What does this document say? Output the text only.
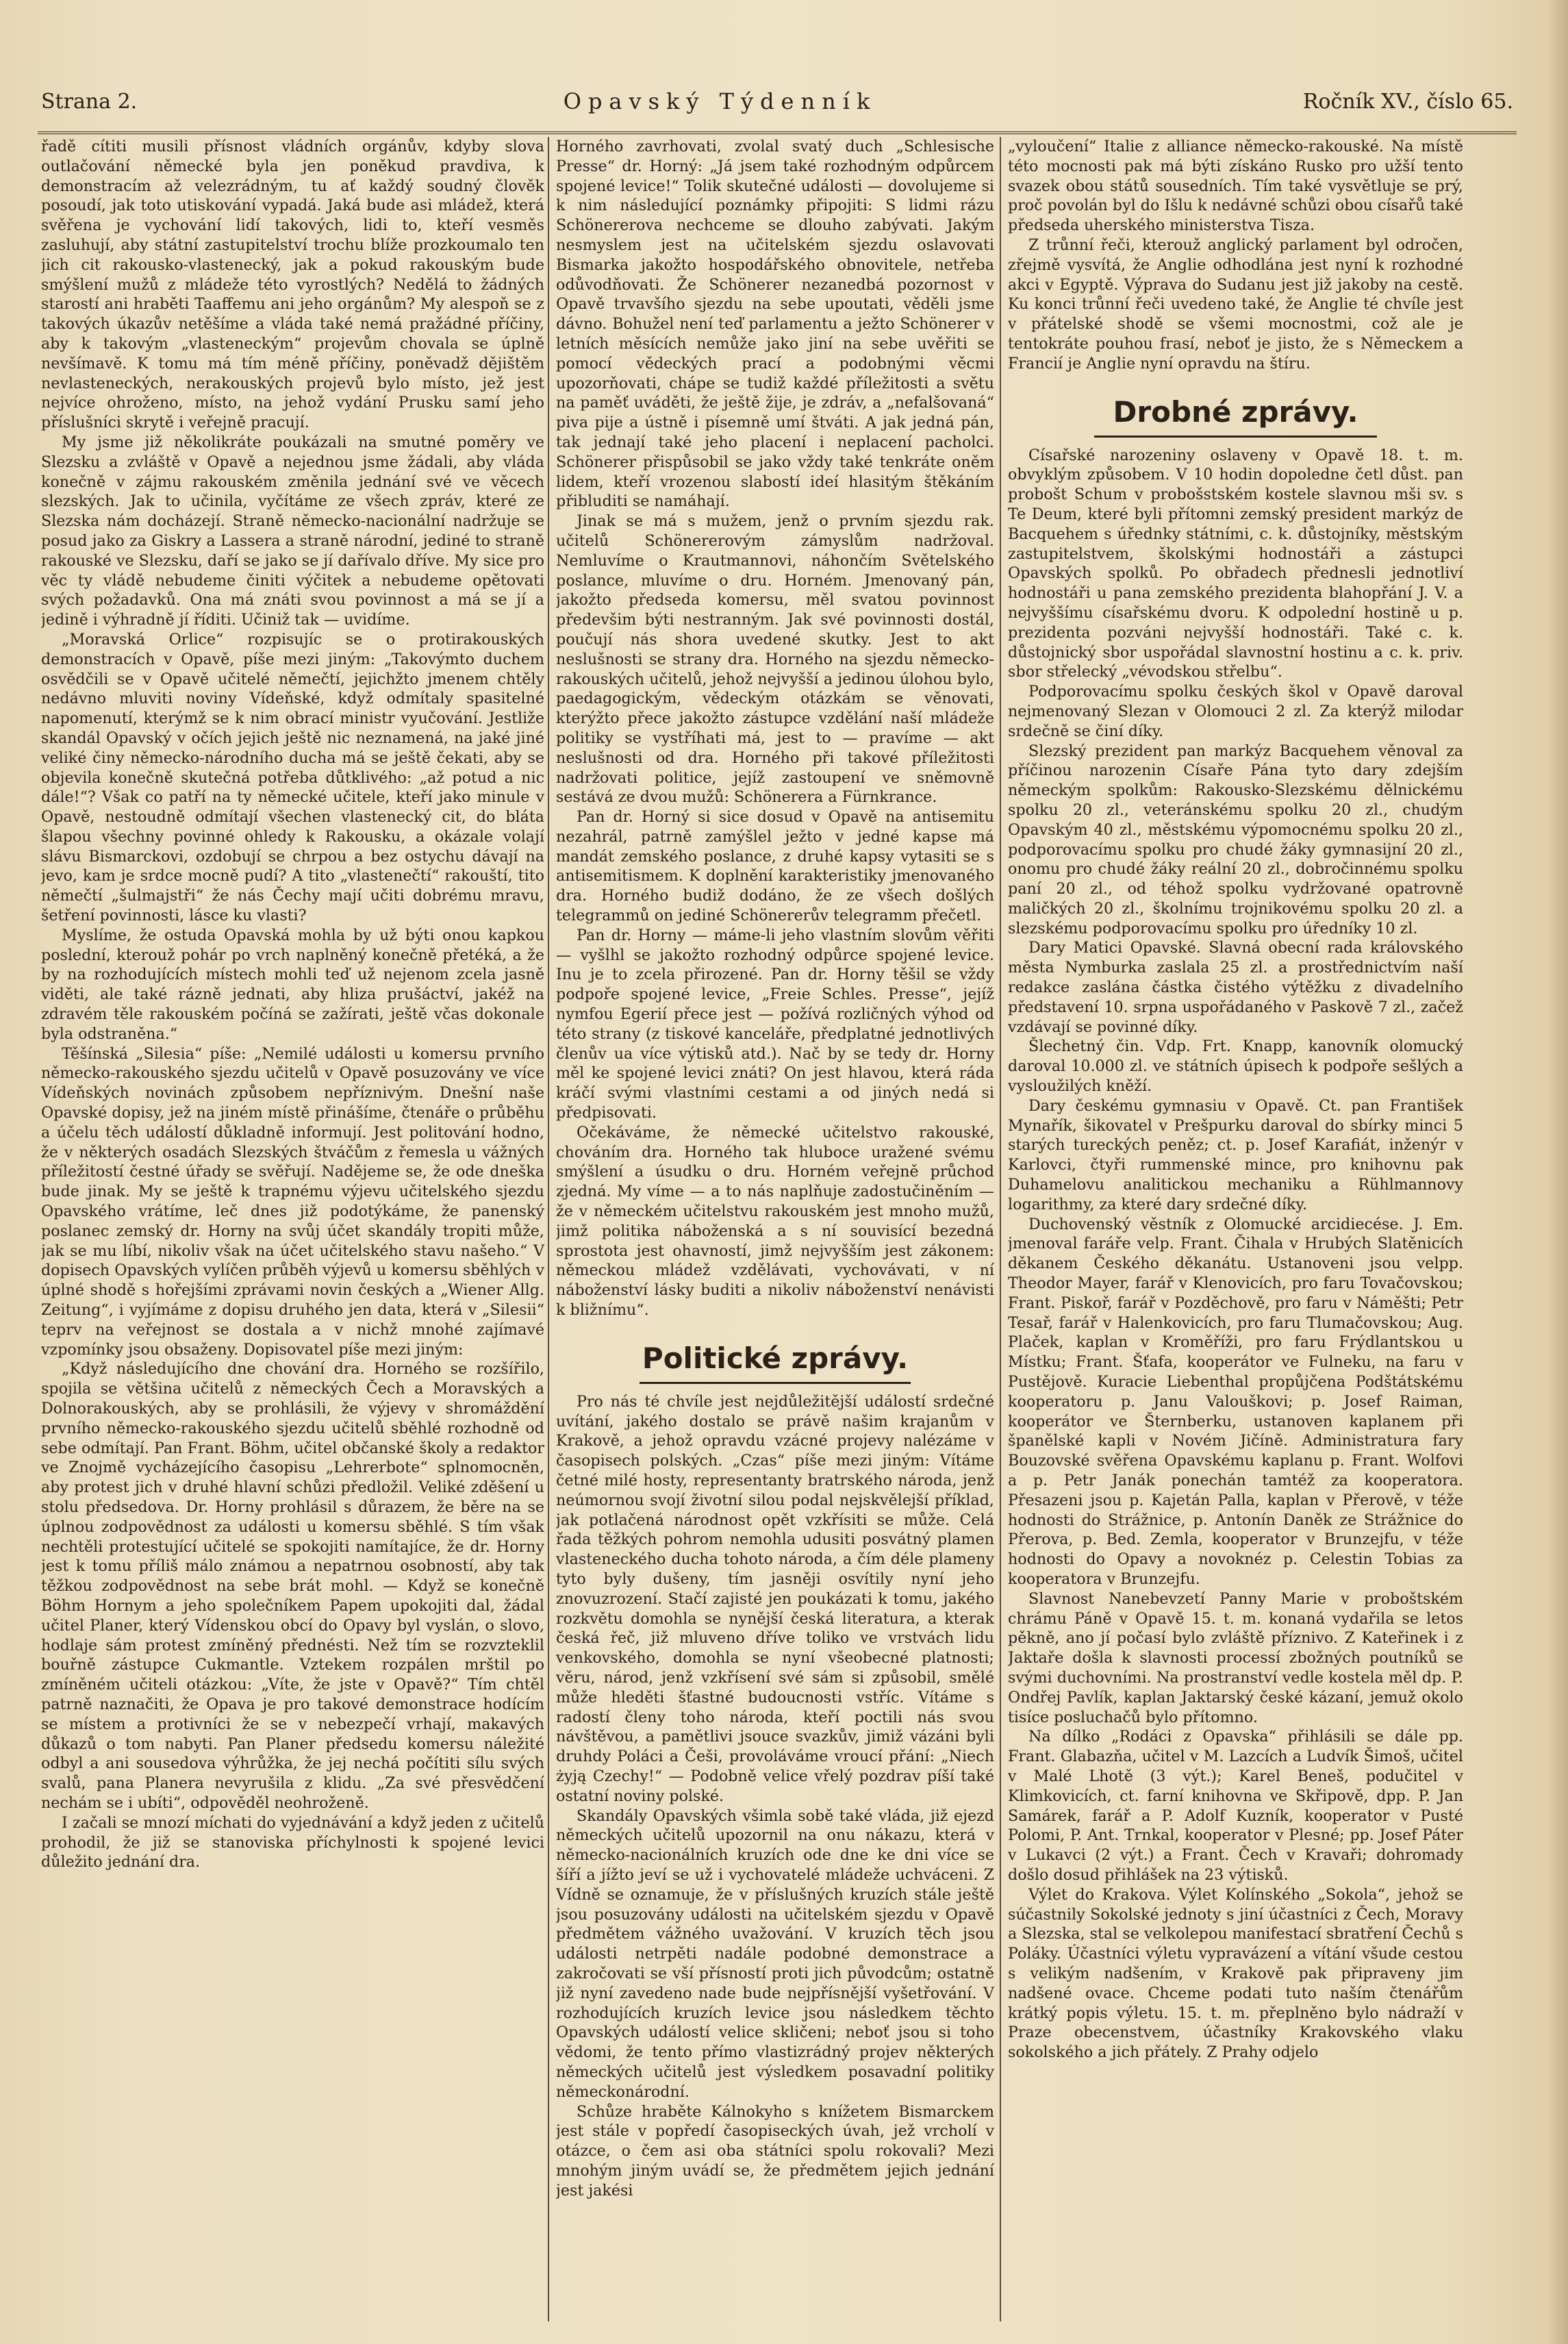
Strana 2.	Opavský Týdenník	Ročník XV., číslo 65.

řadě cítiti musili přísnost vládních orgánův, kdyby slova outlačování německé byla jen poněkud pravdiva, k demonstracím až velezrádným, tu ať každý soudný člověk posoudí, jak toto utiskování vypadá. Jaká bude asi mládež, která svěřena je vychování lidí takových, lidi to, kteří vesměs zasluhují, aby státní zastupitelství trochu blíže prozkoumalo ten jich cit rakousko-vlastenecký, jak a pokud rakouským bude smýšlení mužů z mládeže této vyrostlých? Nedělá to žádných starostí ani hraběti Taaffemu ani jeho orgánům? My alespoň se z takových úkazův netěšíme a vláda také nemá pražádné příčiny, aby k takovým „vlasteneckým“ projevům chovala se úplně nevšímavě. K tomu má tím méně příčiny, poněvadž dějištěm nevlasteneckých, nerakouských projevů bylo místo, jež jest nejvíce ohroženo, místo, na jehož vydání Prusku samí jeho příslušníci skrytě i veřejně pracují.

My jsme již několikráte poukázali na smutné poměry ve Slezsku a zvláště v Opavě a nejednou jsme žádali, aby vláda konečně v zájmu rakouském změnila jednání své ve věcech slezských. Jak to učinila, vyčítáme ze všech zpráv, které ze Slezska nám docházejí. Straně německo-nacionální nadržuje se posud jako za Giskry a Lassera a straně národní, jediné to straně rakouské ve Slezsku, daří se jako se jí dařívalo dříve. My sice pro věc ty vládě nebudeme činiti výčitek a nebudeme opětovati svých požadavků. Ona má znáti svou povinnost a má se jí a jedině i výhradně jí říditi. Učiniž tak — uvidíme.

„Moravská Orlice“ rozpisujíc se o protirakouských demonstracích v Opavě, píše mezi jiným: „Takovýmto duchem osvědčili se v Opavě učitelé němečtí, jejichžto jmenem chtěly nedávno mluviti noviny Vídeňské, když odmítaly spasitelné napomenutí, kterýmž se k nim obrací ministr vyučování. Jestliže skandál Opavský v očích jejich ještě nic neznamená, na jaké jiné veliké činy německo-národního ducha má se ještě čekati, aby se objevila konečně skutečná potřeba důtklivého: „až potud a nic dále!“? Však co patří na ty německé učitele, kteří jako minule v Opavě, nestoudně odmítají všechen vlastenecký cit, do bláta šlapou všechny povinné ohledy k Rakousku, a okázale volají slávu Bismarckovi, ozdobují se chrpou a bez ostychu dávají na jevo, kam je srdce mocně pudí? A tito „vlastenečtí“ rakouští, tito němečtí „šulmajstři“ že nás Čechy mají učiti dobrému mravu, šetření povinnosti, lásce ku vlasti?

Myslíme, že ostuda Opavská mohla by už býti onou kapkou poslední, kterouž pohár po vrch naplněný konečně přetéká, a že by na rozhodujících místech mohli teď už nejenom zcela jasně viděti, ale také rázně jednati, aby hliza prušáctví, jakéž na zdravém těle rakouském počíná se zažírati, ještě včas dokonale byla odstraněna.“

Těšínská „Silesia“ píše: „Nemilé události u komersu prvního německo-rakouského sjezdu učitelů v Opavě posuzovány ve více Vídeňských novinách způsobem nepříznivým. Dnešní naše Opavské dopisy, jež na jiném místě přinášíme, čtenáře o průběhu a účelu těch událostí důkladně informují. Jest politování hodno, že v některých osadách Slezských štváčům z řemesla u vážných příležitostí čestné úřady se svěřují. Nadějeme se, že ode dneška bude jinak. My se ještě k trapnému výjevu učitelského sjezdu Opavského vrátíme, leč dnes již podotýkáme, že panenský poslanec zemský dr. Horny na svůj účet skandály tropiti může, jak se mu líbí, nikoliv však na účet učitelského stavu našeho.“ V dopisech Opavských vylíčen průběh výjevů u komersu sběhlých v úplné shodě s hořejšími zprávami novin českých a „Wiener Allg. Zeitung“, i vyjímáme z dopisu druhého jen data, která v „Silesii“ teprv na veřejnost se dostala a v nichž mnohé zajímavé vzpomínky jsou obsaženy. Dopisovatel píše mezi jiným:

„Když následujícího dne chování dra. Horného se rozšířilo, spojila se většina učitelů z německých Čech a Moravských a Dolnorakouských, aby se prohlásili, že výjevy v shromáždění prvního německo-rakouského sjezdu učitelů sběhlé rozhodně od sebe odmítají. Pan Frant. Böhm, učitel občanské školy a redaktor ve Znojmě vycházejícího časopisu „Lehrerbote“ splnomocněn, aby protest jich v druhé hlavní schůzi předložil. Veliké zděšení u stolu předsedova. Dr. Horny prohlásil s důrazem, že běre na se úplnou zodpovědnost za události u komersu sběhlé. S tím však nechtěli protestující učitelé se spokojiti namítajíce, že dr. Horny jest k tomu příliš málo známou a nepatrnou osobností, aby tak těžkou zodpovědnost na sebe brát mohl. — Když se konečně Böhm Hornym a jeho společníkem Papem upokojiti dal, žádal učitel Planer, který Vídenskou obcí do Opavy byl vyslán, o slovo, hodlaje sám protest zmíněný přednésti. Než tím se rozvzteklil bouřně zástupce Cukmantle. Vztekem rozpálen mrštil po zmíněném učiteli otázkou: „Víte, že jste v Opavě?“ Tím chtěl patrně naznačiti, že Opava je pro takové demonstrace hodícím se místem a protivníci že se v nebezpečí vrhají, makavých důkazů o tom nabyti. Pan Planer předsedu komersu náležité odbyl a ani sousedova výhrůžka, že jej nechá počítiti sílu svých svalů, pana Planera nevyrušila z klidu. „Za své přesvědčení nechám se i ubíti“, odpověděl neohroženě.

I začali se mnozí míchati do vyjednávání a když jeden z učitelů prohodil, že již se stanoviska příchylnosti k spojené levici důležito jednání dra.

Horného zavrhovati, zvolal svatý duch „Schlesische Presse“ dr. Horný: „Já jsem také rozhodným odpůrcem spojené levice!“ Tolik skutečné události — dovolujeme si k nim následující poznámky připojiti: S lidmi rázu Schönererova nechceme se dlouho zabývati. Jakým nesmyslem jest na učitelském sjezdu oslavovati Bismarka jakožto hospodářského obnovitele, netřeba odůvodňovati. Že Schönerer nezanedbá pozornost v Opavě trvavšího sjezdu na sebe upoutati, věděli jsme dávno. Bohužel není teď parlamentu a ježto Schönerer v letních měsících nemůže jako jiní na sebe uvěřiti se pomocí vědeckých prací a podobnými věcmi upozorňovati, chápe se tudiž každé příležitosti a světu na paměť uváděti, že ještě žije, je zdráv, a „nefalšovaná“ piva pije a ústně i písemně umí štváti. A jak jedná pán, tak jednají také jeho placení i neplacení pacholci. Schönerer přispůsobil se jako vždy také tenkráte oněm lidem, kteří vrozenou slabostí ideí hlasitým štěkáním přibluditi se namáhají.

Jinak se má s mužem, jenž o prvním sjezdu rak. učitelů Schönererovým zámyslům nadržoval. Nemluvíme o Krautmannovi, náhončím Světelského poslance, mluvíme o dru. Horném. Jmenovaný pán, jakožto předseda komersu, měl svatou povinnost předevšim býti nestranným. Jak své povinnosti dostál, poučují nás shora uvedené skutky. Jest to akt neslušnosti se strany dra. Horného na sjezdu německo-rakouských učitelů, jehož nejvyšší a jedinou úlohou bylo, paedagogickým, vědeckým otázkám se věnovati, kterýžto přece jakožto zástupce vzdělání naší mládeže politiky se vystříhati má, jest to — pravíme — akt neslušnosti od dra. Horného při takové příležitosti nadržovati politice, jejíž zastoupení ve sněmovně sestává ze dvou mužů: Schönerera a Fürnkrance.

Pan dr. Horný si sice dosud v Opavě na antisemitu nezahrál, patrně zamýšlel ježto v jedné kapse má mandát zemského poslance, z druhé kapsy vytasiti se s antisemitismem. K doplnění karakteristiky jmenovaného dra. Horného budiž dodáno, že ze všech došlých telegrammů on jediné Schönererův telegramm přečetl.

Pan dr. Horny — máme-li jeho vlastním slovům věřiti — vyšlhl se jakožto rozhodný odpůrce spojené levice. Inu je to zcela přirozené. Pan dr. Horny těšil se vždy podpoře spojené levice, „Freie Schles. Presse“, jejíž nymfou Egerií přece jest — požívá rozličných výhod od této strany (z tiskové kanceláře, předplatné jednotlivých členův ua více výtisků atd.). Nač by se tedy dr. Horny měl ke spojené levici znáti? On jest hlavou, která ráda kráčí svými vlastními cestami a od jiných nedá si předpisovati.

Očekáváme, že německé učitelstvo rakouské, chováním dra. Horného tak hluboce uražené svému smýšlení a úsudku o dru. Horném veřejně průchod zjedná. My víme — a to nás naplňuje zadostučiněním — že v německém učitelstvu rakouském jest mnoho mužů, jimž politika náboženská a s ní souvisící bezedná sprostota jest ohavností, jimž nejvyšším jest zákonem: německou mládež vzdělávati, vychovávati, v ní náboženství lásky buditi a nikoliv náboženství nenávisti k bližnímu“.

Politické zprávy.

Pro nás té chvíle jest nejdůležitější událostí srdečné uvítání, jakého dostalo se právě našim krajanům v Krakově, a jehož opravdu vzácné projevy nalézáme v časopisech polských. „Czas“ píše mezi jiným: Vítáme četné milé hosty, representanty bratrského národa, jenž neúmornou svojí životní silou podal nejskvělejší příklad, jak potlačená národnost opět vzkřísiti se může. Celá řada těžkých pohrom nemohla udusiti posvátný plamen vlasteneckého ducha tohoto národa, a čím déle plameny tyto byly dušeny, tím jasněji osvítily nyní jeho znovuzrození. Stačí zajisté jen poukázati k tomu, jakého rozkvětu domohla se nynější česká literatura, a kterak česká řeč, již mluveno dříve toliko ve vrstvách lidu venkovského, domohla se nyní všeobecné platnosti; věru, národ, jenž vzkřísení své sám si způsobil, smělé může hleděti šťastné budoucnosti vstříc. Vítáme s radostí členy toho národa, kteří poctili nás svou návštěvou, a pamětlivi jsouce svazkův, jimiž vázáni byli druhdy Poláci a Češi, provoláváme vroucí přání: „Niech żyją Czechy!“ — Podobně velice vřelý pozdrav píší také ostatní noviny polské.

Skandály Opavských všimla sobě také vláda, již ejezd německých učitelů upozornil na onu nákazu, která v německo-nacionálních kruzích ode dne ke dni více se šíří a jížto jeví se už i vychovatelé mládeže uchváceni. Z Vídně se oznamuje, že v příslušných kruzích stále ještě jsou posuzovány události na učitelském sjezdu v Opavě předmětem vážného uvažování. V kruzích těch jsou události netrpěti nadále podobné demonstrace a zakročovati se vší přísností proti jich původcům; ostatně již nyní zavedeno nade bude nejpřísnější vyšetřování. V rozhodujících kruzích levice jsou následkem těchto Opavských událostí velice skličeni; neboť jsou si toho vědomi, že tento přímo vlastizrádný projev některých německých učitelů jest výsledkem posavadní politiky německonárodní.

Schůze hraběte Kálnokyho s knížetem Bismarckem jest stále v popředí časopiseckých úvah, jež vrcholí v otázce, o čem asi oba státníci spolu rokovali? Mezi mnohým jiným uvádí se, že předmětem jejich jednání jest jakési

„vyloučení“ Italie z alliance německo-rakouské. Na místě této mocnosti pak má býti získáno Rusko pro užší tento svazek obou států sousedních. Tím také vysvětluje se prý, proč povolán byl do Išlu k nedávné schůzi obou císařů také předseda uherského ministerstva Tisza.

Z trůnní řeči, kterouž anglický parlament byl odročen, zřejmě vysvítá, že Anglie odhodlána jest nyní k rozhodné akci v Egyptě. Výprava do Sudanu jest již jakoby na cestě. Ku konci trůnní řeči uvedeno také, že Anglie té chvíle jest v přátelské shodě se všemi mocnostmi, což ale je tentokráte pouhou frasí, neboť je jisto, že s Německem a Francií je Anglie nyní opravdu na štíru.

Drobné zprávy.

Císařské narozeniny oslaveny v Opavě 18. t. m. obvyklým způsobem. V 10 hodin dopoledne četl důst. pan probošt Schum v probošstském kostele slavnou mši sv. s Te Deum, které byli přítomni zemský president markýz de Bacquehem s úřednky státními, c. k. důstojníky, městským zastupitelstvem, školskými hodnostáři a zástupci Opavských spolků. Po obřadech přednesli jednotliví hodnostáři u pana zemského prezidenta blahopřání J. V. a nejvyššímu císařskému dvoru. K odpolední hostině u p. prezidenta pozváni nejvyšší hodnostáři. Také c. k. důstojnický sbor uspořádal slavnostní hostinu a c. k. priv. sbor střelecký „vévodskou střelbu“.

Podporovacímu spolku českých škol v Opavě daroval nejmenovaný Slezan v Olomouci 2 zl. Za kterýž milodar srdečně se činí díky.

Slezský prezident pan markýz Bacquehem věnoval za příčinou narozenin Císaře Pána tyto dary zdejším německým spolkům: Rakousko-Slezskému dělnickému spolku 20 zl., veteránskému spolku 20 zl., chudým Opavským 40 zl., městskému výpomocnému spolku 20 zl., podporovacímu spolku pro chudé žáky gymnasijní 20 zl., onomu pro chudé žáky reální 20 zl., dobročinnému spolku paní 20 zl., od téhož spolku vydržované opatrovně maličkých 20 zl., školnímu trojnikovému spolku 20 zl. a slezskému podporovacímu spolku pro úředníky 10 zl.

Dary Matici Opavské. Slavná obecní rada královského města Nymburka zaslala 25 zl. a prostřednictvím naší redakce zaslána částka čistého výtěžku z divadelního představení 10. srpna uspořádaného v Paskově 7 zl., začež vzdávají se povinné díky.

Šlechetný čin. Vdp. Frt. Knapp, kanovník olomucký daroval 10.000 zl. ve státních úpisech k podpoře sešlých a vysloužilých kněží.

Dary českému gymnasiu v Opavě. Ct. pan František Mynařík, šikovatel v Prešpurku daroval do sbírky minci 5 starých tureckých peněz; ct. p. Josef Karafiát, inženýr v Karlovci, čtyři rummenské mince, pro knihovnu pak Duhamelovu analitickou mechaniku a Rühlmannovy logarithmy, za které dary srdečné díky.

Duchovenský věstník z Olomucké arcidiecése. J. Em. jmenoval faráře velp. Frant. Čihala v Hrubých Slatěnicích děkanem Českého děkanátu. Ustanoveni jsou velpp. Theodor Mayer, farář v Klenovicích, pro faru Tovačovskou; Frant. Piskoř, farář v Pozděchově, pro faru v Náměšti; Petr Tesař, farář v Halenkovicích, pro faru Tlumačovskou; Aug. Plaček, kaplan v Kroměříži, pro faru Frýdlantskou u Místku; Frant. Šťafa, kooperátor ve Fulneku, na faru v Pustějově. Kuracie Liebenthal propůjčena Podštátskému kooperatoru p. Janu Valouškovi; p. Josef Raiman, kooperátor ve Šternberku, ustanoven kaplanem při španělské kapli v Novém Jičíně. Administratura fary Bouzovské svěřena Opavskému kaplanu p. Frant. Wolfovi a p. Petr Janák ponechán tamtéž za kooperatora. Přesazeni jsou p. Kajetán Palla, kaplan v Přerově, v téže hodnosti do Strážnice, p. Antonín Daněk ze Strážnice do Přerova, p. Bed. Zemla, kooperator v Brunzejfu, v téže hodnosti do Opavy a novoknéz p. Celestin Tobias za kooperatora v Brunzejfu.

Slavnost Nanebevzetí Panny Marie v proboštském chrámu Páně v Opavě 15. t. m. konaná vydařila se letos pěkně, ano jí počasí bylo zvláště příznivo. Z Kateřinek i z Jaktaře došla k slavnosti processí zbožných poutníků se svými duchovními. Na prostranství vedle kostela měl dp. P. Ondřej Pavlík, kaplan Jaktarský české kázaní, jemuž okolo tisíce posluchačů bylo přítomno.

Na dílko „Rodáci z Opavska“ přihlásili se dále pp. Frant. Glabazňa, učitel v M. Lazcích a Ludvík Šimoš, učitel v Malé Lhotě (3 výt.); Karel Beneš, podučitel v Klimkovicích, ct. farní knihovna ve Skřipově, dpp. P. Jan Samárek, farář a P. Adolf Kuzník, kooperator v Pusté Polomi, P. Ant. Trnkal, kooperator v Plesné; pp. Josef Páter v Lukavci (2 výt.) a Frant. Čech v Kravaři; dohromady došlo dosud přihlášek na 23 výtisků.

Výlet do Krakova. Výlet Kolínského „Sokola“, jehož se súčastnily Sokolské jednoty s jiní účastníci z Čech, Moravy a Slezska, stal se velkolepou manifestací sbratření Čechů s Poláky. Účastníci výletu vypravázení a vítání všude cestou s velikým nadšením, v Krakově pak připraveny jim nadšené ovace. Chceme podati tuto naším čtenářům krátký popis výletu. 15. t. m. přeplněno bylo nádraží v Praze obecenstvem, účastníky Krakovského vlaku sokolského a jich přátely. Z Prahy odjelo
